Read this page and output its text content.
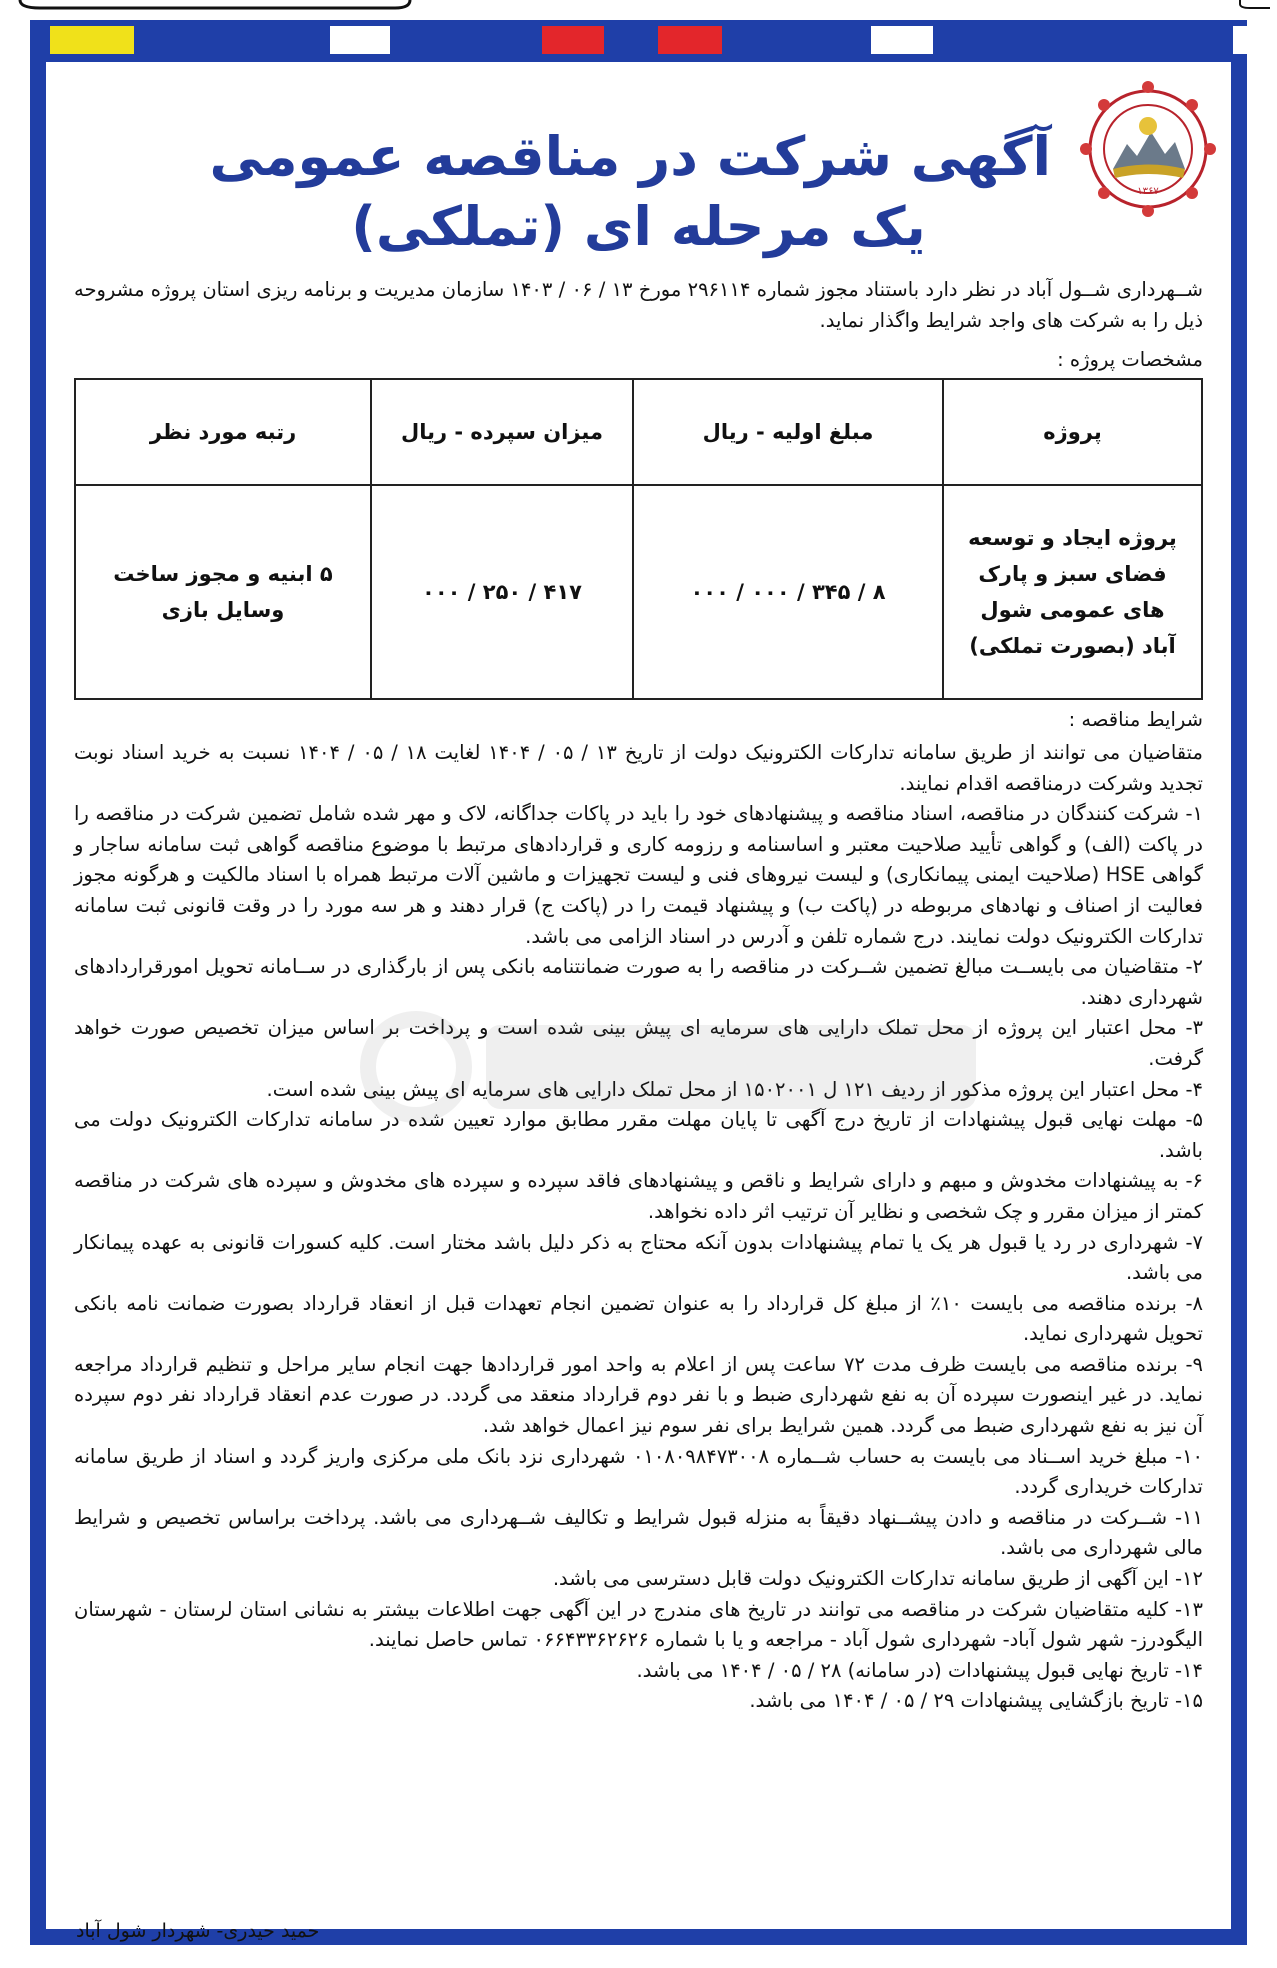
۱۳۶۷
آگهی شرکت در مناقصه عمومی
یک مرحله ای (تملکی)
شــهرداری شــول آباد در نظر دارد باستناد مجوز شماره ۲۹۶۱۱۴ مورخ ۱۳ / ۰۶ / ۱۴۰۳ سازمان مدیریت و برنامه ریزی استان پروژه مشروحه ذیل را به شرکت های واجد شرایط واگذار نماید.
مشخصات پروژه :
پروژه	مبلغ اولیه - ریال	میزان سپرده - ریال	رتبه مورد نظر
پروژه ایجاد و توسعه فضای سبز و پارک های عمومی شول آباد (بصورت تملکی)	۸ / ۳۴۵ / ۰۰۰ / ۰۰۰	۴۱۷ / ۲۵۰ / ۰۰۰	۵ ابنیه و مجوز ساخت وسایل بازی
شرایط مناقصه :

متقاضیان می توانند از طریق سامانه تدارکات الکترونیک دولت از تاریخ ۱۳ / ۰۵ / ۱۴۰۴ لغایت ۱۸ / ۰۵ / ۱۴۰۴ نسبت به خرید اسناد نوبت تجدید وشرکت درمناقصه اقدام نمایند.

۱- شرکت کنندگان در مناقصه، اسناد مناقصه و پیشنهادهای خود را باید در پاکات جداگانه، لاک و مهر شده شامل تضمین شرکت در مناقصه را در پاکت (الف) و گواهی تأیید صلاحیت معتبر و اساسنامه و رزومه کاری و قراردادهای مرتبط با موضوع مناقصه گواهی ثبت سامانه ساجار و گواهی HSE (صلاحیت ایمنی پیمانکاری) و لیست نیروهای فنی و لیست تجهیزات و ماشین آلات مرتبط همراه با اسناد مالکیت و هرگونه مجوز فعالیت از اصناف و نهادهای مربوطه در (پاکت ب) و پیشنهاد قیمت را در (پاکت ج) قرار دهند و هر سه مورد را در وقت قانونی ثبت سامانه تدارکات الکترونیک دولت نمایند. درج شماره تلفن و آدرس در اسناد الزامی می باشد.

۲- متقاضیان می بایســت مبالغ تضمین شــرکت در مناقصه را به صورت ضمانتنامه بانکی پس از بارگذاری در ســامانه تحویل امورقراردادهای شهرداری دهند.

۳- محل اعتبار این پروژه از محل تملک دارایی های سرمایه ای پیش بینی شده است و پرداخت بر اساس میزان تخصیص صورت خواهد گرفت.

۴- محل اعتبار این پروژه مذکور از ردیف ۱۲۱ ل ۱۵۰۲۰۰۱ از محل تملک دارایی های سرمایه ای پیش بینی شده است.

۵- مهلت نهایی قبول پیشنهادات از تاریخ درج آگهی تا پایان مهلت مقرر مطابق موارد تعیین شده در سامانه تدارکات الکترونیک دولت می باشد.

۶- به پیشنهادات مخدوش و مبهم و دارای شرایط و ناقص و پیشنهادهای فاقد سپرده و سپرده های مخدوش و سپرده های شرکت در مناقصه کمتر از میزان مقرر و چک شخصی و نظایر آن ترتیب اثر داده نخواهد.

۷- شهرداری در رد یا قبول هر یک یا تمام پیشنهادات بدون آنکه محتاج به ذکر دلیل باشد مختار است. کلیه کسورات قانونی به عهده پیمانکار می باشد.

۸- برنده مناقصه می بایست ۱۰٪ از مبلغ کل قرارداد را به عنوان تضمین انجام تعهدات قبل از انعقاد قرارداد بصورت ضمانت نامه بانکی تحویل شهرداری نماید.

۹- برنده مناقصه می بایست ظرف مدت ۷۲ ساعت پس از اعلام به واحد امور قراردادها جهت انجام سایر مراحل و تنظیم قرارداد مراجعه نماید. در غیر اینصورت سپرده آن به نفع شهرداری ضبط و با نفر دوم قرارداد منعقد می گردد. در صورت عدم انعقاد قرارداد نفر دوم سپرده آن نیز به نفع شهرداری ضبط می گردد. همین شرایط برای نفر سوم نیز اعمال خواهد شد.

۱۰- مبلغ خرید اســناد می بایست به حساب شــماره ۰۱۰۸۰۹۸۴۷۳۰۰۸ شهرداری نزد بانک ملی مرکزی واریز گردد و اسناد از طریق سامانه تدارکات خریداری گردد.

۱۱- شــرکت در مناقصه و دادن پیشــنهاد دقیقاً به منزله قبول شرایط و تکالیف شــهرداری می باشد. پرداخت براساس تخصیص و شرایط مالی شهرداری می باشد.

۱۲- این آگهی از طریق سامانه تدارکات الکترونیک دولت قابل دسترسی می باشد.

۱۳- کلیه متقاضیان شرکت در مناقصه می توانند در تاریخ های مندرج در این آگهی جهت اطلاعات بیشتر به نشانی استان لرستان - شهرستان الیگودرز- شهر شول آباد- شهرداری شول آباد - مراجعه و یا با شماره ۰۶۶۴۳۳۶۲۶۲۶ تماس حاصل نمایند.

۱۴- تاریخ نهایی قبول پیشنهادات (در سامانه) ۲۸ / ۰۵ / ۱۴۰۴ می باشد.

۱۵- تاریخ بازگشایی پیشنهادات ۲۹ / ۰۵ / ۱۴۰۴ می باشد.

حمید حیدری- شهردار شول آباد
